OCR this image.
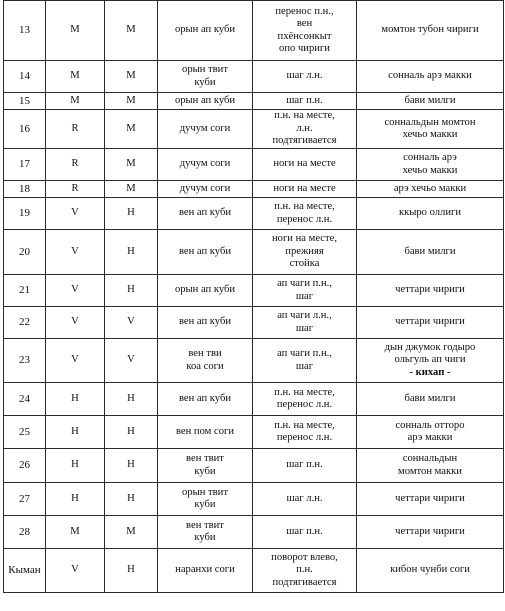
13	M	M	орын ап куби	перенос п.н.,
вен
пхёнсонкыт
опо чириги	момтон тубон чириги
14	M	M	орын твит
куби	шаг л.н.	сонналь арэ макки
15	M	M	орын ап куби	шаг п.н.	бави милги
16	R	M	дучум соги	п.н. на месте,
л.н.
подтягивается	соннальдын момтон
хечьо макки
17	R	M	дучум соги	ноги на месте	сонналь арэ
хечьо макки
18	R	M	дучум соги	ноги на месте	арэ хечьо макки
19	V	H	вен ап куби	п.н. на месте,
перенос л.н.	ккыро оллиги
20	V	H	вен ап куби	ноги на месте,
прежняя
стойка	бави милги
21	V	H	орын ап куби	ап чаги п.н.,
шаг	четтари чириги
22	V	V	вен ап куби	ап чаги л.н.,
шаг	четтари чириги
23	V	V	вен тви
коа соги	ап чаги п.н.,
шаг	дын джумок годыро
ольгуль ап чиги
- кихап -
24	H	H	вен ап куби	п.н. на месте,
перенос л.н.	бави милги
25	H	H	вен пом соги	п.н. на месте,
перенос л.н.	сонналь оттоpo
арэ макки
26	H	H	вен твит
куби	шаг п.н.	соннальдын
момтон макки
27	H	H	орын твит
куби	шаг л.н.	четтари чириги
28	M	M	вен твит
куби	шаг п.н.	четтари чириги
Кыман	V	H	наранхи соги	поворот влево,
п.н.
подтягивается	кибон чунби соги
